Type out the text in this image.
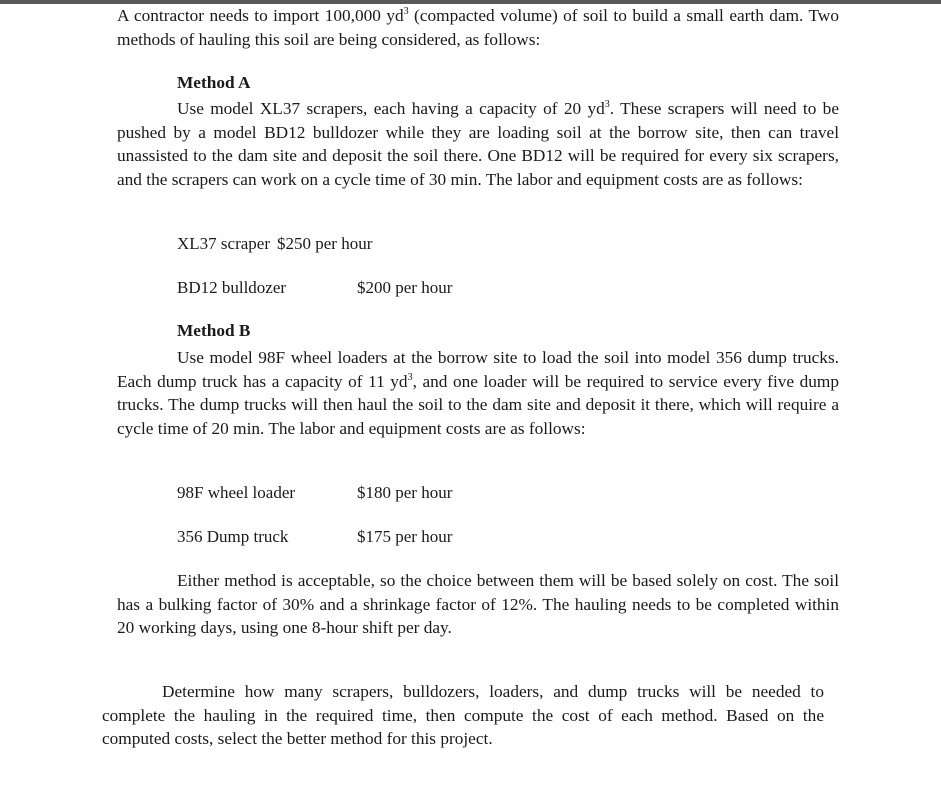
A contractor needs to import 100,000 $yd^3$ (compacted volume) of soil to build a small earth dam. Two methods of hauling this soil are being considered, as follows:

Method A

Use model XL37 scrapers, each having a capacity of 20 $yd^3$. These scrapers will need to be pushed by a model BD12 bulldozer while they are loading soil at the borrow site, then can travel unassisted to the dam site and deposit the soil there. One BD12 will be required for every six scrapers, and the scrapers can work on a cycle time of 30 min. The labor and equipment costs are as follows:

XL37 scraper $250 per hour
BD12 bulldozer	$200 per hour
Method B

Use model 98F wheel loaders at the borrow site to load the soil into model 356 dump trucks. Each dump truck has a capacity of 11 $yd^3$, and one loader will be required to service every five dump trucks. The dump trucks will then haul the soil to the dam site and deposit it there, which will require a cycle time of 20 min. The labor and equipment costs are as follows:

98F wheel loader	$180 per hour
356 Dump truck	$175 per hour

Either method is acceptable, so the choice between them will be based solely on cost. The soil has a bulking factor of 30% and a shrinkage factor of 12%. The hauling needs to be completed within 20 working days, using one 8-hour shift per day.

Determine how many scrapers, bulldozers, loaders, and dump trucks will be needed to complete the hauling in the required time, then compute the cost of each method. Based on the computed costs, select the better method for this project.
